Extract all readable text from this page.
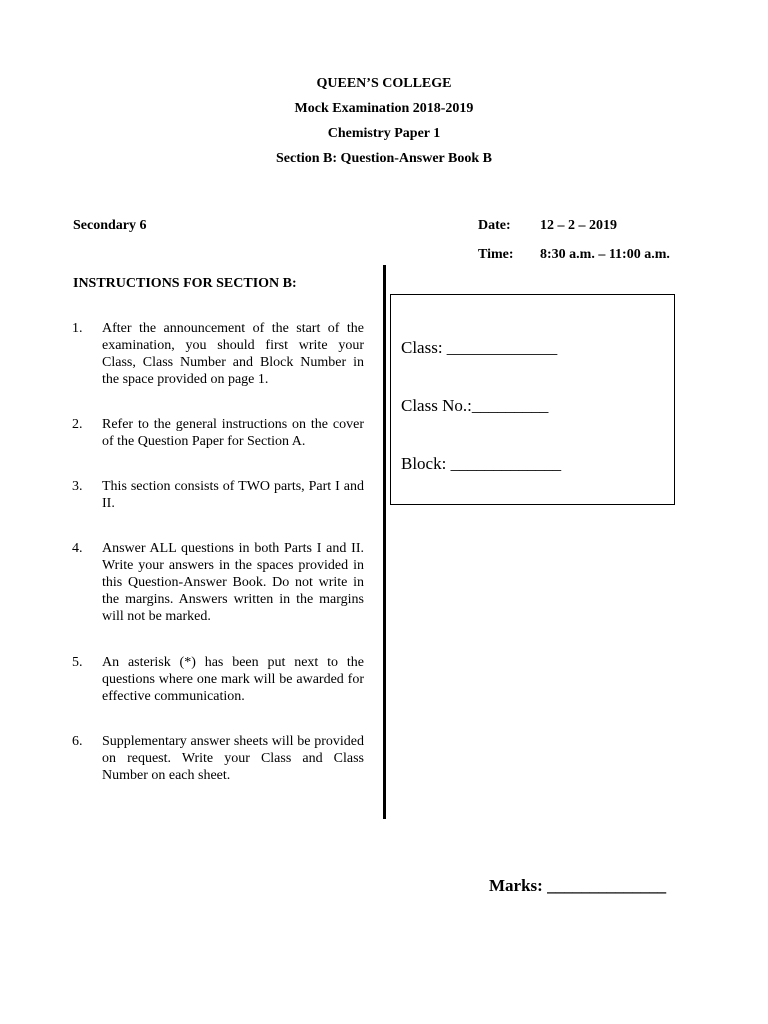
QUEEN’S COLLEGE
Mock Examination 2018-2019
Chemistry Paper 1
Section B: Question-Answer Book B
Secondary 6	Date: 12 – 2 – 2019
Time: 8:30 a.m. – 11:00 a.m.
INSTRUCTIONS FOR SECTION B:
1. After the announcement of the start of the examination, you should first write your Class, Class Number and Block Number in the space provided on page 1.
2. Refer to the general instructions on the cover of the Question Paper for Section A.
3. This section consists of TWO parts, Part I and II.
4. Answer ALL questions in both Parts I and II. Write your answers in the spaces provided in this Question-Answer Book. Do not write in the margins. Answers written in the margins will not be marked.
5. An asterisk (*) has been put next to the questions where one mark will be awarded for effective communication.
6. Supplementary answer sheets will be provided on request. Write your Class and Class Number on each sheet.
Class: _____________
Class No.:_________
Block: _____________
Marks: ______________
